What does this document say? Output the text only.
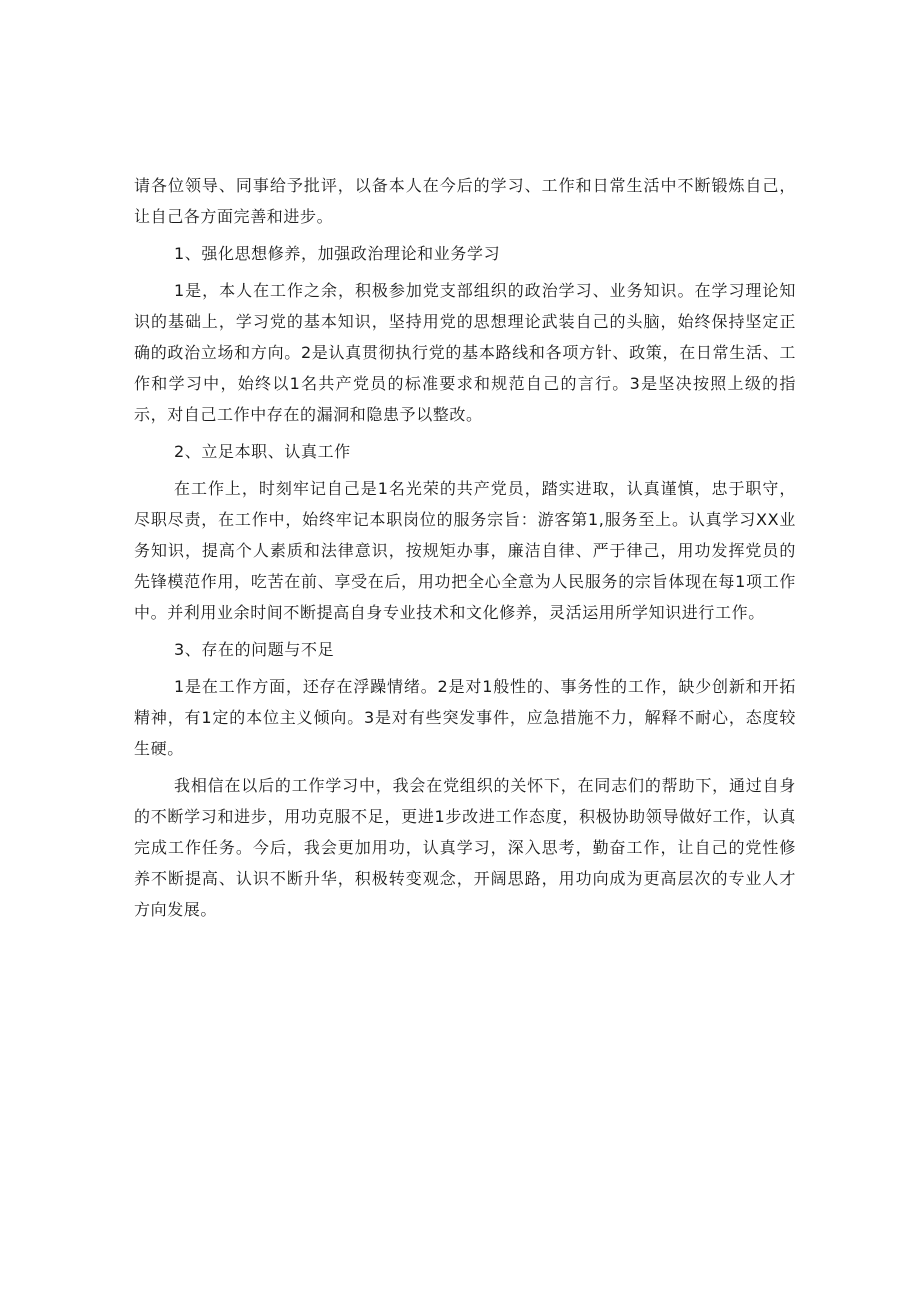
请各位领导、同事给予批评，以备本人在今后的学习、工作和日常生活中不断锻炼自己，让自己各方面完善和进步。

1、强化思想修养，加强政治理论和业务学习

1是，本人在工作之余，积极参加党支部组织的政治学习、业务知识。在学习理论知识的基础上，学习党的基本知识，坚持用党的思想理论武装自己的头脑，始终保持坚定正确的政治立场和方向。2是认真贯彻执行党的基本路线和各项方针、政策，在日常生活、工作和学习中，始终以1名共产党员的标准要求和规范自己的言行。3是坚决按照上级的指示，对自己工作中存在的漏洞和隐患予以整改。

2、立足本职、认真工作

在工作上，时刻牢记自己是1名光荣的共产党员，踏实进取，认真谨慎，忠于职守，尽职尽责，在工作中，始终牢记本职岗位的服务宗旨：游客第1,服务至上。认真学习XX业务知识，提高个人素质和法律意识，按规矩办事，廉洁自律、严于律己，用功发挥党员的先锋模范作用，吃苦在前、享受在后，用功把全心全意为人民服务的宗旨体现在每1项工作中。并利用业余时间不断提高自身专业技术和文化修养，灵活运用所学知识进行工作。

3、存在的问题与不足

1是在工作方面，还存在浮躁情绪。2是对1般性的、事务性的工作，缺少创新和开拓精神，有1定的本位主义倾向。3是对有些突发事件，应急措施不力，解释不耐心，态度较生硬。

我相信在以后的工作学习中，我会在党组织的关怀下，在同志们的帮助下，通过自身的不断学习和进步，用功克服不足，更进1步改进工作态度，积极协助领导做好工作，认真完成工作任务。今后，我会更加用功，认真学习，深入思考，勤奋工作，让自己的党性修养不断提高、认识不断升华，积极转变观念，开阔思路，用功向成为更高层次的专业人才方向发展。
